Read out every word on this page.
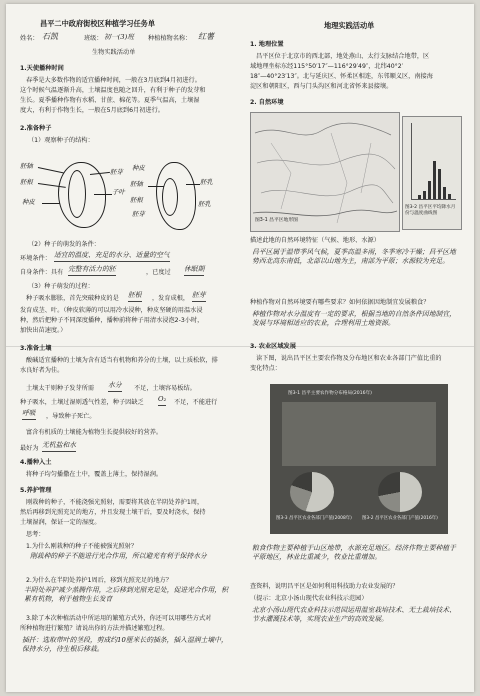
昌平二中政府街校区种植学习任务单
姓名： 石凯	班级： 初一(3)班 种植植物名称： 红薯
生物实践活动单
1.天使播种时间
春季是大多数作物的适宜播种时间，一般在3月底到4月初进行。
这个时候气温逐渐升高，土壤温度也随之回升，有利于种子的发芽和
生长。夏季播种作物有水稻、甘蔗、棉花等。夏季气温高，土壤湿
度大，有利于作物生长，一般在5月底到6月初进行。
2.准备种子
（1）观察种子的结构：
胚轴
胚根
种皮
胚芽
子叶
胚乳
种皮
胚轴
胚根
胚芽
胚乳
（2）种子的萌发的条件：
环境条件： 适宜的温度、充足的水分、适量的空气
自身条件：具有 完整有活力的胚	，已度过 休眠期
（3）种子萌发的过程：
种子吸水膨胀，首先突破种皮的是 胚根 ，发育成根， 胚芽
发育成茎、叶。（种皮软薄的可以用冷水浸种，种皮坚硬的用温水浸
种，然后把种子不同深度播种，播种前将种子用清水浸泡2-3小时，
加快出苗速度。）
3.准备土壤
酸碱适宜播种的土壤为含有适当有机物和养分的土壤，以土质松软，排
水良好者为佳。
土壤太干则种子发芽所需 水分 不足，土壤容易板结。
种子吸水，土壤过湿则透气性差，种子因缺乏 O₂ 不足，不能进行
呼吸 ，导致种子死亡。
富含有机质的土壤能为植物生长提供较好的营养。
最好为 无机盐和水
4.播种入土
将种子均匀播撒在土中，覆盖上薄土，保持湿润。
5.养护管理
刚栽种的种子，不能浇强光照射，需要将其放在半阴处养护1周，
然后再移到光照充足的地方，并且发现土壤干后，要及时浇水，保持
土壤湿润，保证一定的湿度。
思考：
1.为什么刚栽种的种子不能被强光照射？
刚栽种的种子不能进行光合作用，所以避光有利于保持水分
2.为什么在半阴处养护1周后，移到光照充足的地方？
半阴处养护减少蒸腾作用，之后移到光照充足处，促进光合作用，积累有机物，利于植物生长发育
3.除了本次种植活动中所运用的繁殖方式外，你还可以用哪些方式对
所种植物进行繁殖？请说出你的方法并描述繁殖过程。
插扦：选取带叶的茎段，剪成约10厘米长的插条，插入湿润土壤中，保持水分，待生根后移栽。
地理实践活动单
1. 地理位置
昌平区位于北京市的西北部，地处燕山、太行支脉结合地带，区
域地理坐标东经115°50′17″—116°29′49″，北纬40°2′
18″—40°23′13″。北与延庆区、怀柔区相连，东邻顺义区，南接海
淀区和朝阳区，西与门头沟区和河北省怀来县接壤。
2. 自然环境
图3-1 昌平区地形图
图3-2 昌平区平均降水月份与温度曲线图
描述此地的自然环境特征（气候、地形、水源）
昌平区属于温带季风气候，夏季高温多雨，冬季寒冷干燥；昌平区地势西北高东南低，北部以山地为主，南部为平原；水源较为充足。
种植作物对自然环境要有哪些要求？如何依据因地制宜发展粮食？
种植作物对水分温度有一定的要求，根据当地的自然条件因地制宜，发展与环境相适应的农业，合理利用土地资源。
3. 农业区域发展
读下图，说出昌平区主要农作物及分布地区和农业各部门产值比重的
变化特点：
图3-1 昌平主要农作物分布格局(2016年)
图3-3 昌平区农业各部门产值(2008年) 图3-2 昌平区农业各部门产值(2016年)
粮食作物主要种植于山区地带，水源充足地区。经济作物主要种植于平原地区，林业比重减少，牧业比重增加。
查资料，说明昌平区是如何利用科技助力农业发展的？
（提示：北京小汤山现代农业科技示范园）
北京小汤山现代农业科技示范园运用温室栽培技术、无土栽培技术、节水灌溉技术等，实现农业生产的高效发展。
